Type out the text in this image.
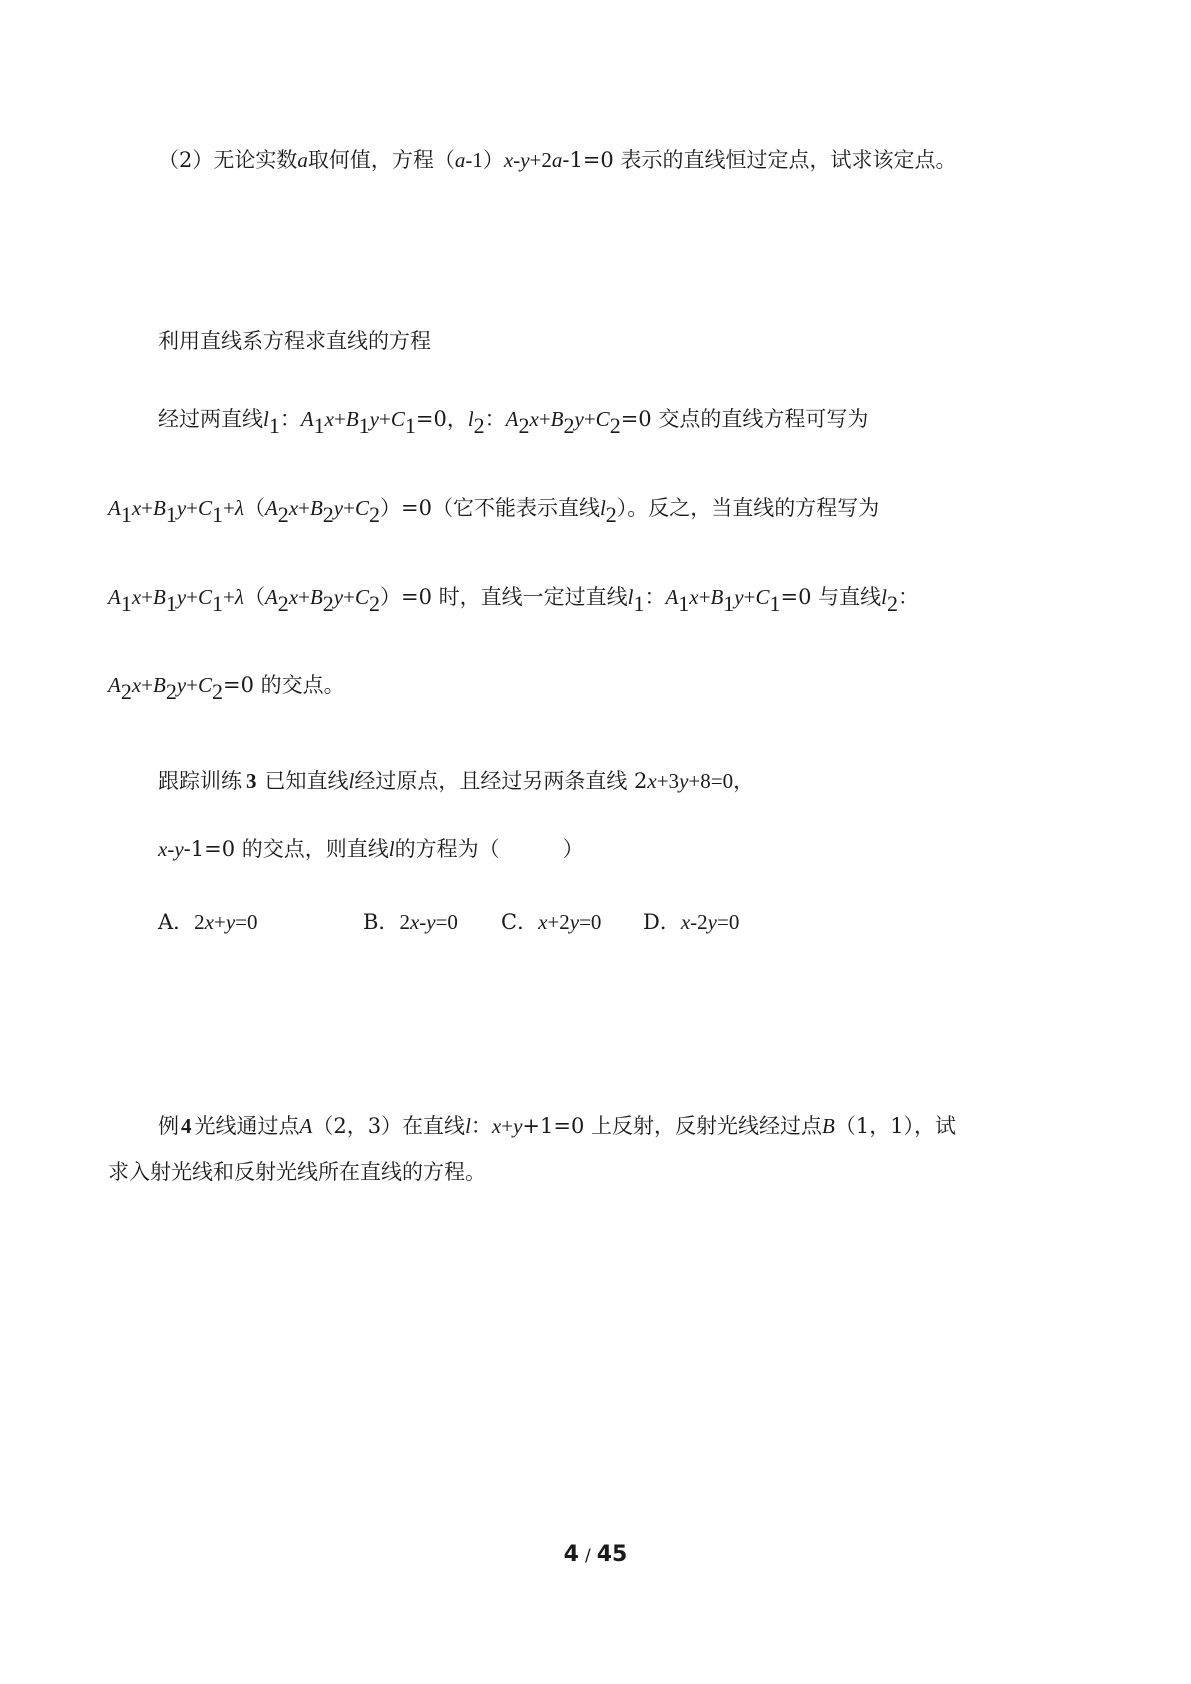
（2）无论实数a取何值，方程（a-1）x-y+2a-1=0 表示的直线恒过定点，试求该定点。
利用直线系方程求直线的方程
经过两直线l1：A1x+B1y+C1=0，l2：A2x+B2y+C2=0 交点的直线方程可写为
A1x+B1y+C1+λ（A2x+B2y+C2）=0（它不能表示直线l2）。反之，当直线的方程写为
A1x+B1y+C1+λ（A2x+B2y+C2）=0 时，直线一定过直线l1：A1x+B1y+C1=0 与直线l2：
A2x+B2y+C2=0 的交点。
跟踪训练 3 已知直线l经过原点，且经过另两条直线 2x+3y+8=0，
x-y-1=0 的交点，则直线l的方程为（　　　）
A．2x+y=0	B．2x-y=0 C．x+2y=0 D．x-2y=0
例4 光线通过点A（2，3）在直线l：x+y+1=0 上反射，反射光线经过点B（1，1），试
求入射光线和反射光线所在直线的方程。
4 / 45
